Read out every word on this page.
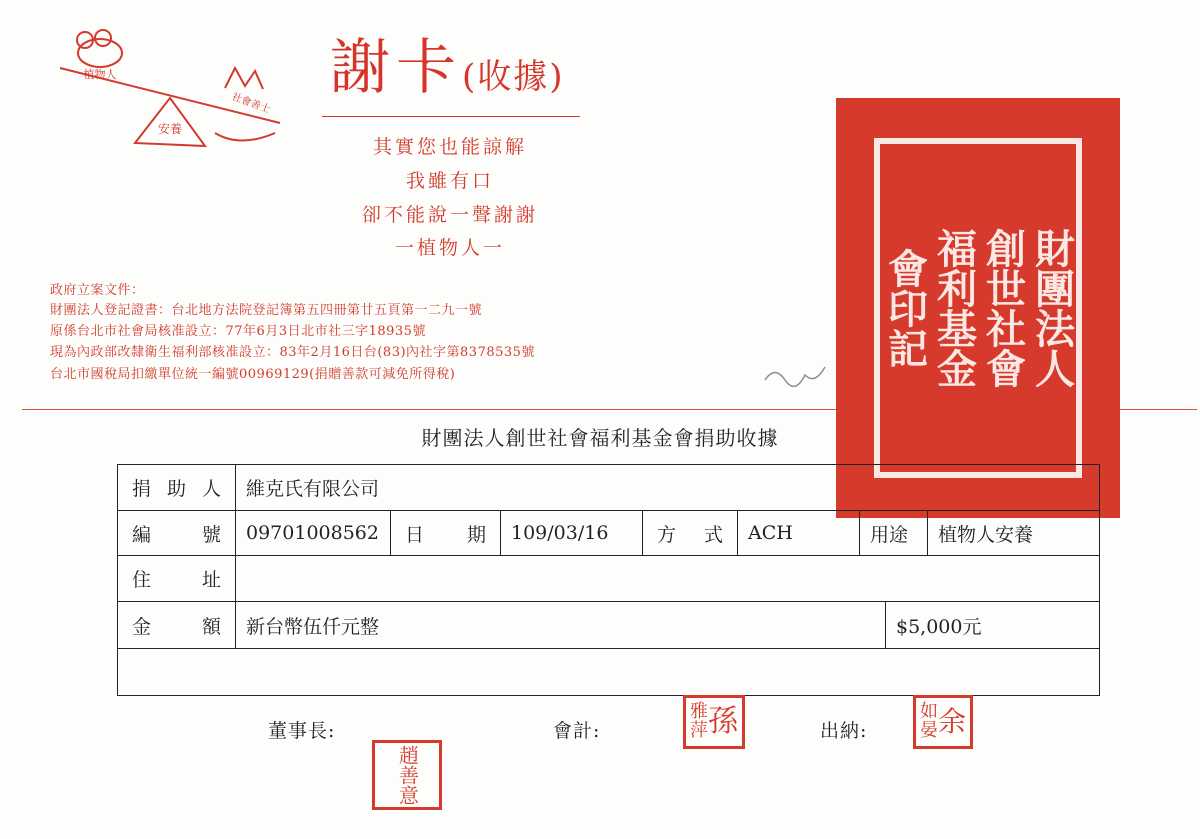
植物人
安養
社會善士
謝卡(收據)
其實您也能諒解
我雖有口
卻不能說一聲謝謝
一植物人一
政府立案文件：
財團法人登記證書：台北地方法院登記簿第五四冊第廿五頁第一二九一號
原係台北市社會局核准設立：77年6月3日北市社三字18935號
現為內政部改隸衛生福利部核准設立：83年2月16日台(83)內社字第8378535號
台北市國稅局扣繳單位統一編號00969129(捐贈善款可減免所得稅)	財團法人
創世社會
福利基金
會印記
財團法人創世社會福利基金會捐助收據
捐 助 人	維克氏有限公司
編	號	09701008562	日 期	109/03/16	方 式	ACH	用途	植物人安養
住	址
金	額	新台幣伍仟元整	$5,000元
董事長:	會計:	出納:
趙善意
雅
萍 孫	如
晏 余
